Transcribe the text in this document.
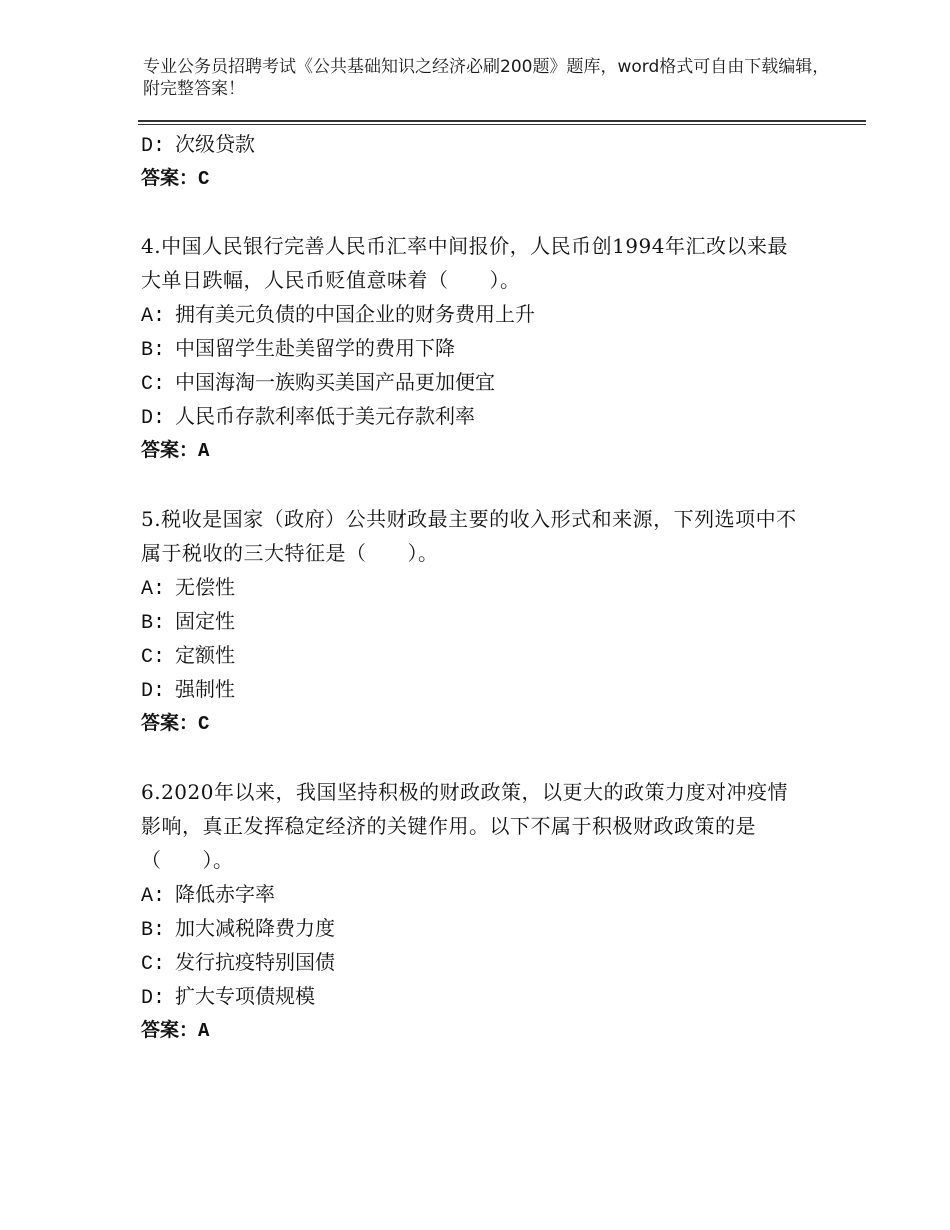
专业公务员招聘考试《公共基础知识之经济必刷200题》题库，word格式可自由下载编辑，附完整答案！
D: 次级贷款
答案：C
4.中国人民银行完善人民币汇率中间报价，人民币创1994年汇改以来最大单日跌幅，人民币贬值意味着（　　）。
A: 拥有美元负债的中国企业的财务费用上升
B: 中国留学生赴美留学的费用下降
C: 中国海淘一族购买美国产品更加便宜
D: 人民币存款利率低于美元存款利率
答案：A
5.税收是国家（政府）公共财政最主要的收入形式和来源，下列选项中不属于税收的三大特征是（　　）。
A: 无偿性
B: 固定性
C: 定额性
D: 强制性
答案：C
6.2020年以来，我国坚持积极的财政政策，以更大的政策力度对冲疫情影响，真正发挥稳定经济的关键作用。以下不属于积极财政政策的是（　　）。
A: 降低赤字率
B: 加大减税降费力度
C: 发行抗疫特别国债
D: 扩大专项债规模
答案：A
